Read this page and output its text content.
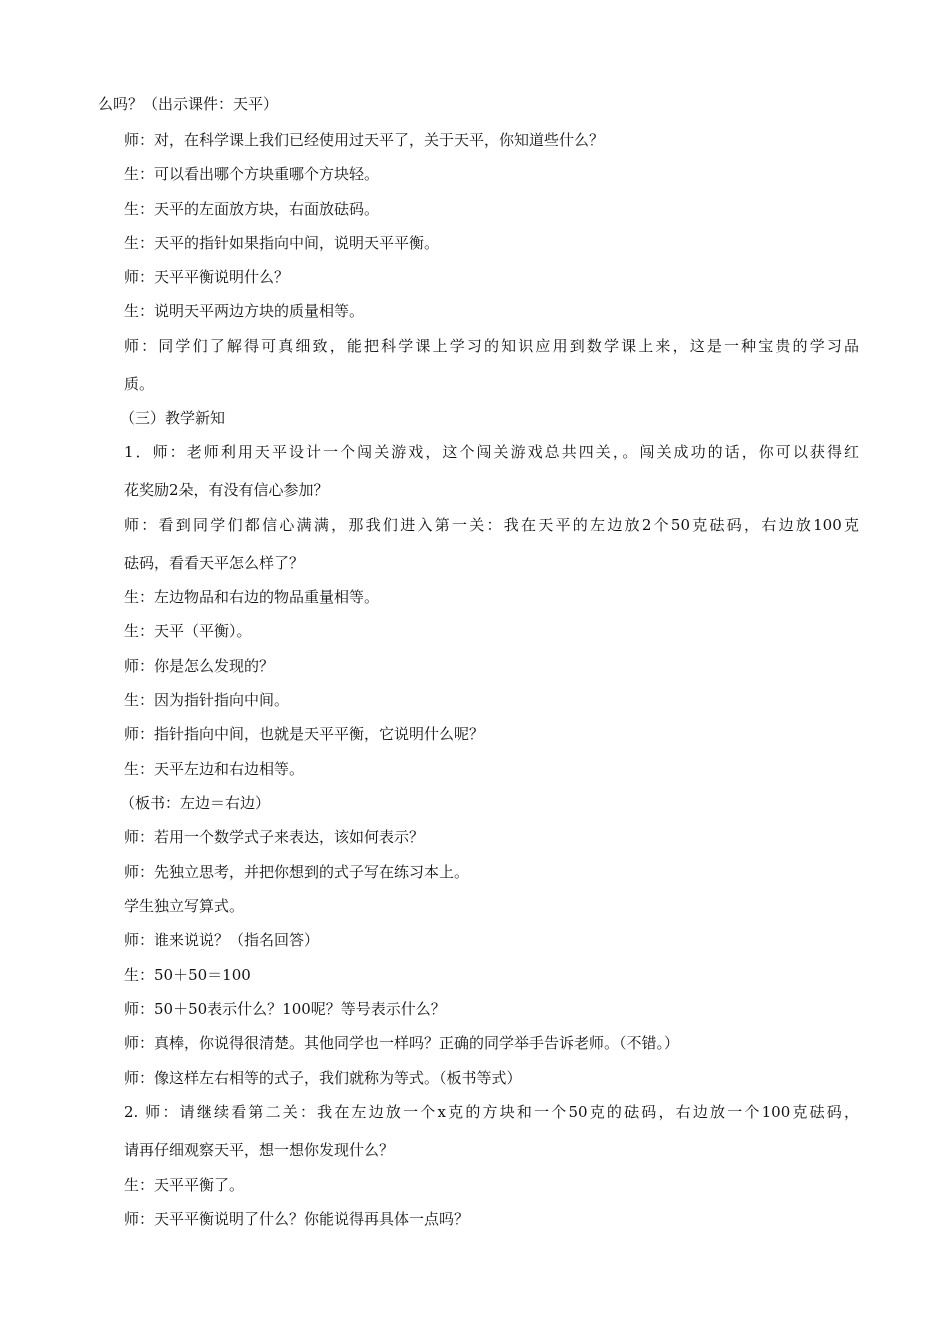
么吗？（出示课件：天平）
师：对，在科学课上我们已经使用过天平了，关于天平，你知道些什么？
生：可以看出哪个方块重哪个方块轻。
生：天平的左面放方块，右面放砝码。
生：天平的指针如果指向中间，说明天平平衡。
师：天平平衡说明什么？
生：说明天平两边方块的质量相等。
师：同学们了解得可真细致，能把科学课上学习的知识应用到数学课上来，这是一种宝贵的学习品
质。
（三）教学新知
1．师：老师利用天平设计一个闯关游戏，这个闯关游戏总共四关，。闯关成功的话，你可以获得红
花奖励2朵，有没有信心参加？
师：看到同学们都信心满满，那我们进入第一关：我在天平的左边放2个50克砝码，右边放100克
砝码，看看天平怎么样了？
生：左边物品和右边的物品重量相等。
生：天平（平衡）。
师：你是怎么发现的？
生：因为指针指向中间。
师：指针指向中间，也就是天平平衡，它说明什么呢？
生：天平左边和右边相等。
（板书：左边＝右边）
师：若用一个数学式子来表达，该如何表示？
师：先独立思考，并把你想到的式子写在练习本上。
学生独立写算式。
师：谁来说说？（指名回答）
生：50＋50＝100
师：50＋50表示什么？100呢？等号表示什么？
师：真棒，你说得很清楚。其他同学也一样吗？正确的同学举手告诉老师。（不错。）
师：像这样左右相等的式子，我们就称为等式。（板书等式）
2. 师：请继续看第二关：我在左边放一个x克的方块和一个50克的砝码，右边放一个100克砝码，
请再仔细观察天平，想一想你发现什么？
生：天平平衡了。
师：天平平衡说明了什么？你能说得再具体一点吗？
